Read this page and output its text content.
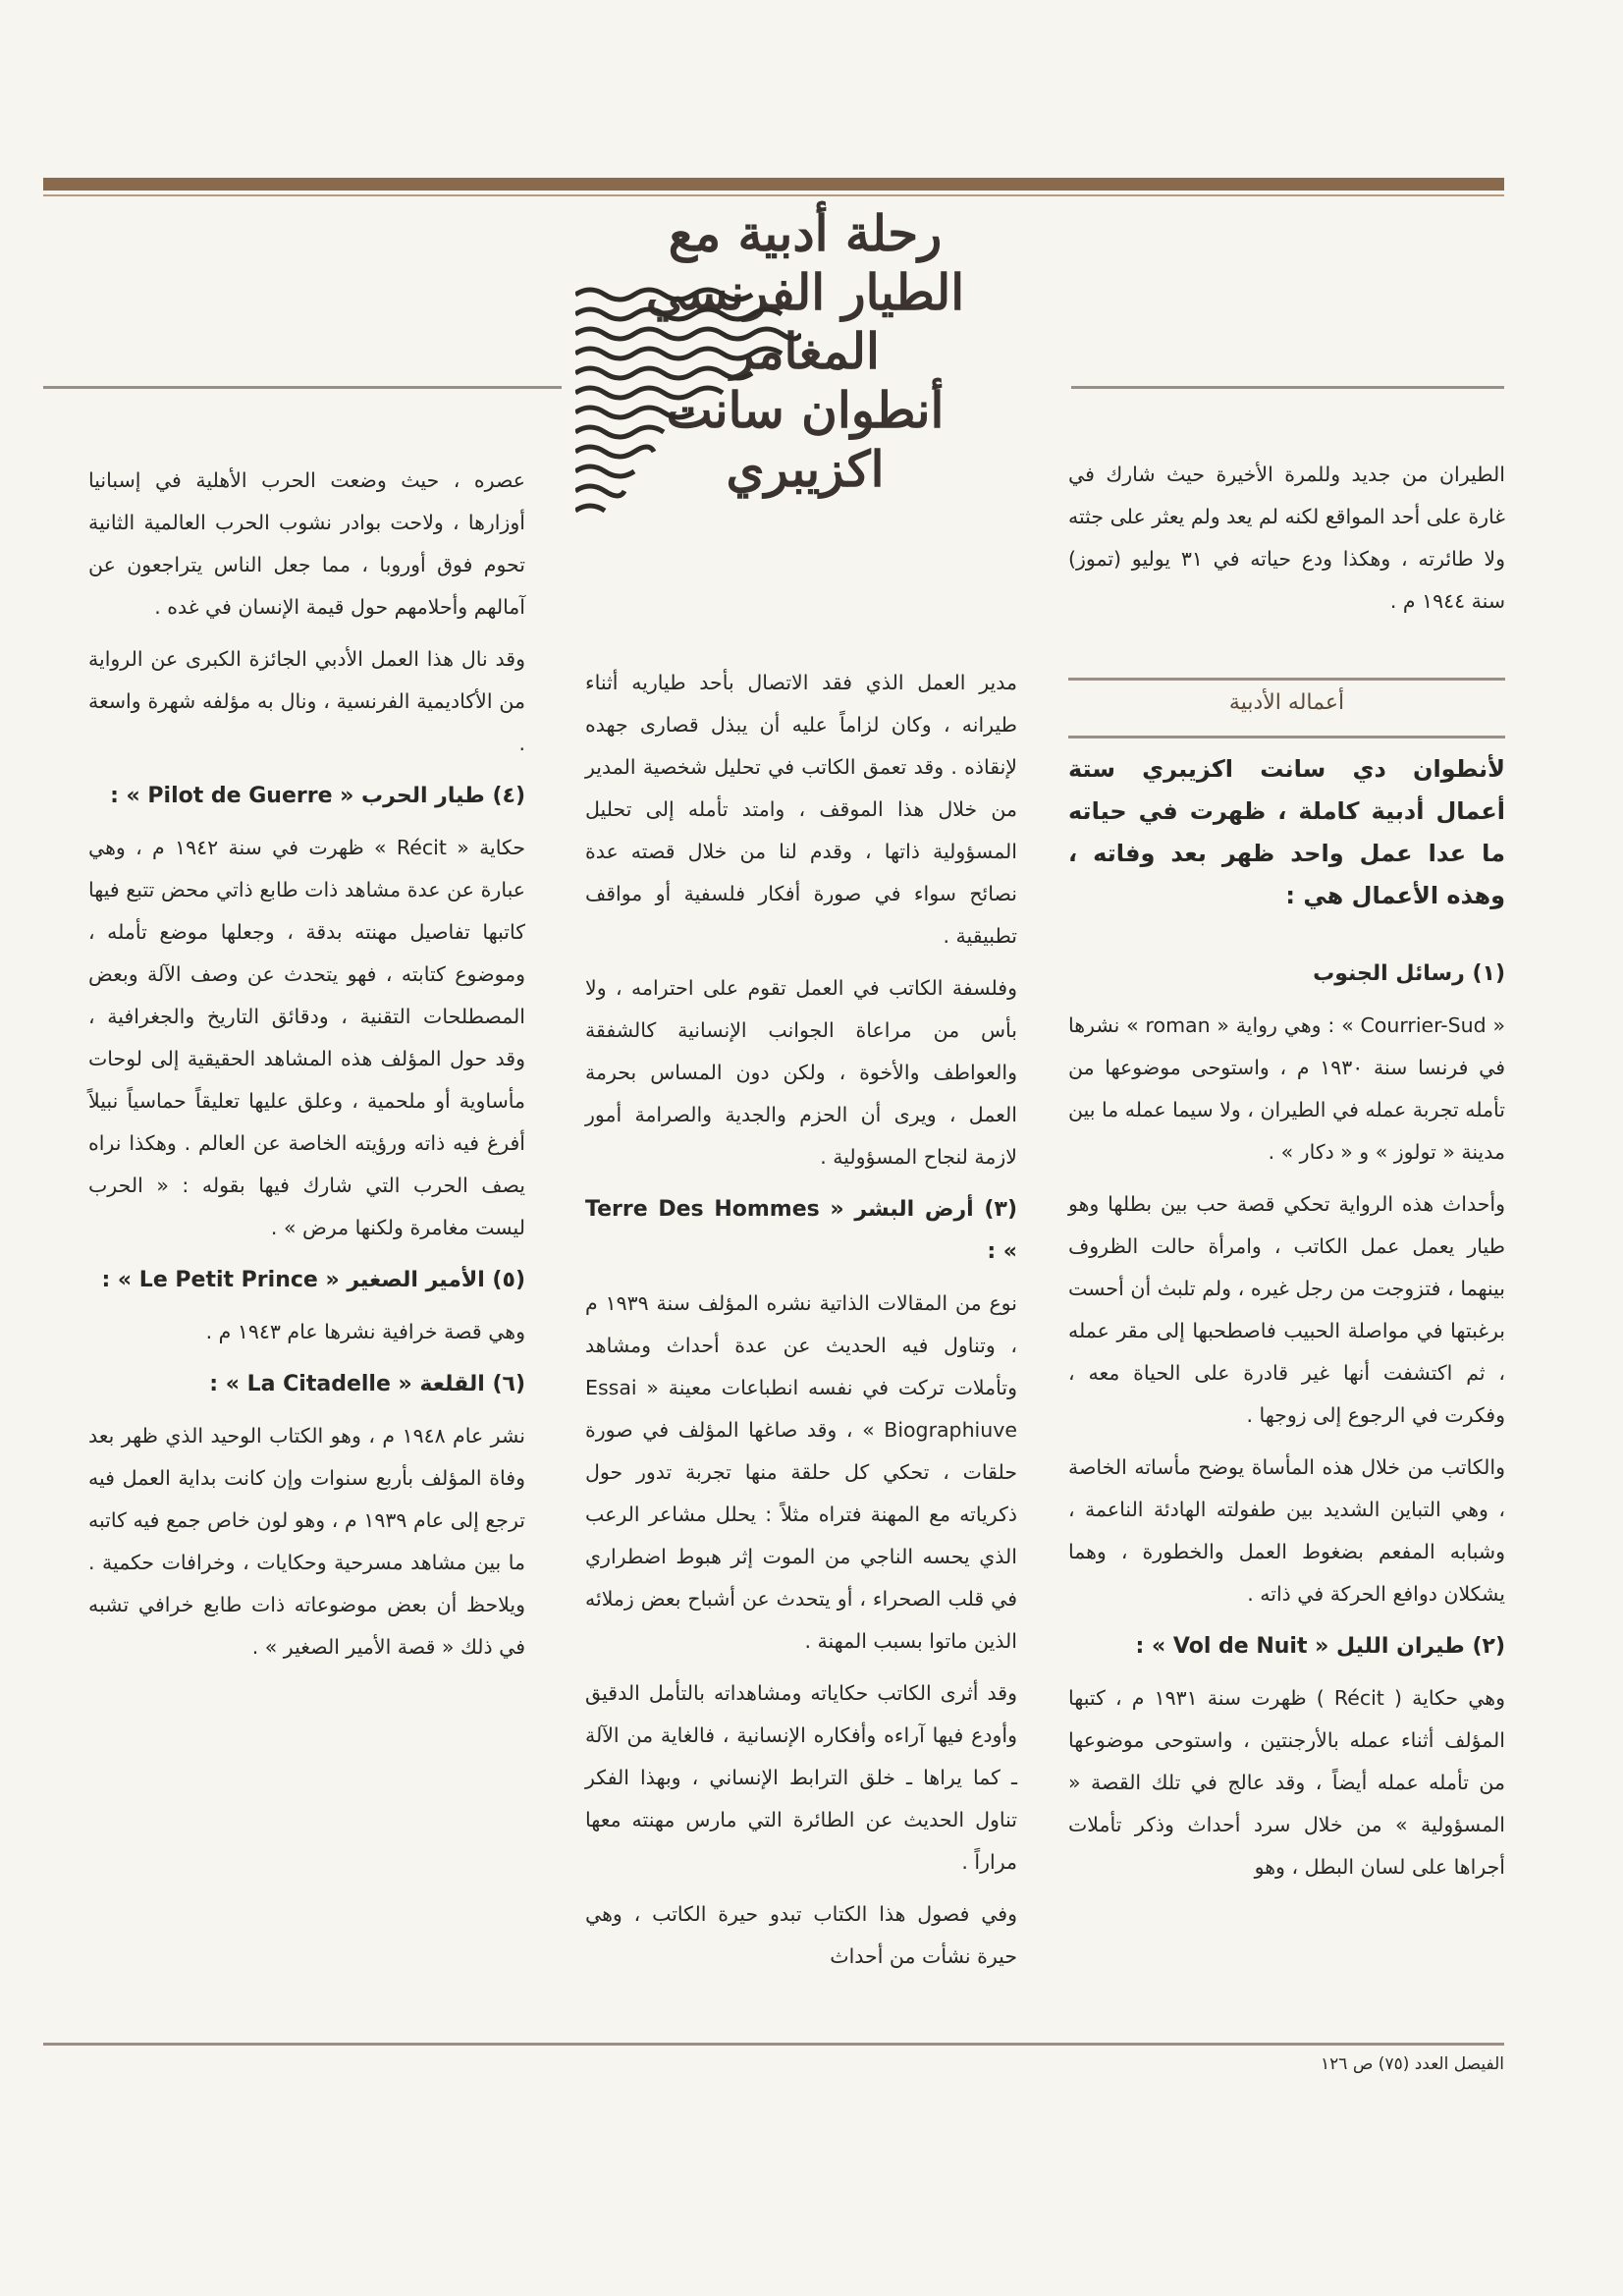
رحلة أدبية مع
الطيار الفرنسي المغامر
أنطوان سانت اكزيبري	الطيران من جديد وللمرة الأخيرة حيث شارك في غارة على أحد المواقع لكنه لم يعد ولم يعثر على جثته ولا طائرته ، وهكذا ودع حياته في ٣١ يوليو (تموز) سنة ١٩٤٤ م .

أعماله الأدبية
لأنطوان دي سانت اكزيبري ستة أعمال أدبية كاملة ، ظهرت في حياته ما عدا عمل واحد ظهر بعد وفاته ، وهذه الأعمال هي :

(١) رسائل الجنوب

« Courrier-Sud » : وهي رواية « roman » نشرها في فرنسا سنة ١٩٣٠ م ، واستوحى موضوعها من تأمله تجربة عمله في الطيران ، ولا سيما عمله ما بين مدينة « تولوز » و « دكار » .

وأحداث هذه الرواية تحكي قصة حب بين بطلها وهو طيار يعمل عمل الكاتب ، وامرأة حالت الظروف بينهما ، فتزوجت من رجل غيره ، ولم تلبث أن أحست برغبتها في مواصلة الحبيب فاصطحبها إلى مقر عمله ، ثم اكتشفت أنها غير قادرة على الحياة معه ، وفكرت في الرجوع إلى زوجها .

والكاتب من خلال هذه المأساة يوضح مأساته الخاصة ، وهي التباين الشديد بين طفولته الهادئة الناعمة ، وشبابه المفعم بضغوط العمل والخطورة ، وهما يشكلان دوافع الحركة في ذاته .

(٢) طيران الليل « Vol de Nuit » :

وهي حكاية ( Récit ) ظهرت سنة ١٩٣١ م ، كتبها المؤلف أثناء عمله بالأرجنتين ، واستوحى موضوعها من تأمله عمله أيضاً ، وقد عالج في تلك القصة « المسؤولية » من خلال سرد أحداث وذكر تأملات أجراها على لسان البطل ، وهو

مدير العمل الذي فقد الاتصال بأحد طياريه أثناء طيرانه ، وكان لزاماً عليه أن يبذل قصارى جهده لإنقاذه . وقد تعمق الكاتب في تحليل شخصية المدير من خلال هذا الموقف ، وامتد تأمله إلى تحليل المسؤولية ذاتها ، وقدم لنا من خلال قصته عدة نصائح سواء في صورة أفكار فلسفية أو مواقف تطبيقية .

وفلسفة الكاتب في العمل تقوم على احترامه ، ولا بأس من مراعاة الجوانب الإنسانية كالشفقة والعواطف والأخوة ، ولكن دون المساس بحرمة العمل ، ويرى أن الحزم والجدية والصرامة أمور لازمة لنجاح المسؤولية .

(٣) أرض البشر « Terre Des Hommes » :

نوع من المقالات الذاتية نشره المؤلف سنة ١٩٣٩ م ، وتناول فيه الحديث عن عدة أحداث ومشاهد وتأملات تركت في نفسه انطباعات معينة « Essai Biographiuve » ، وقد صاغها المؤلف في صورة حلقات ، تحكي كل حلقة منها تجربة تدور حول ذكرياته مع المهنة فتراه مثلاً : يحلل مشاعر الرعب الذي يحسه الناجي من الموت إثر هبوط اضطراري في قلب الصحراء ، أو يتحدث عن أشباح بعض زملائه الذين ماتوا بسبب المهنة .

وقد أثرى الكاتب حكاياته ومشاهداته بالتأمل الدقيق وأودع فيها آراءه وأفكاره الإنسانية ، فالغاية من الآلة ـ كما يراها ـ خلق الترابط الإنساني ، وبهذا الفكر تناول الحديث عن الطائرة التي مارس مهنته معها مراراً .

وفي فصول هذا الكتاب تبدو حيرة الكاتب ، وهي حيرة نشأت من أحداث

عصره ، حيث وضعت الحرب الأهلية في إسبانيا أوزارها ، ولاحت بوادر نشوب الحرب العالمية الثانية تحوم فوق أوروبا ، مما جعل الناس يتراجعون عن آمالهم وأحلامهم حول قيمة الإنسان في غده .

وقد نال هذا العمل الأدبي الجائزة الكبرى عن الرواية من الأكاديمية الفرنسية ، ونال به مؤلفه شهرة واسعة .

(٤) طيار الحرب « Pilot de Guerre » :

حكاية « Récit » ظهرت في سنة ١٩٤٢ م ، وهي عبارة عن عدة مشاهد ذات طابع ذاتي محض تتبع فيها كاتبها تفاصيل مهنته بدقة ، وجعلها موضع تأمله ، وموضوع كتابته ، فهو يتحدث عن وصف الآلة وبعض المصطلحات التقنية ، ودقائق التاريخ والجغرافية ، وقد حول المؤلف هذه المشاهد الحقيقية إلى لوحات مأساوية أو ملحمية ، وعلق عليها تعليقاً حماسياً نبيلاً أفرغ فيه ذاته ورؤيته الخاصة عن العالم . وهكذا نراه يصف الحرب التي شارك فيها بقوله : « الحرب ليست مغامرة ولكنها مرض » .

(٥) الأمير الصغير « Le Petit Prince » :

وهي قصة خرافية نشرها عام ١٩٤٣ م .

(٦) القلعة « La Citadelle » :

نشر عام ١٩٤٨ م ، وهو الكتاب الوحيد الذي ظهر بعد وفاة المؤلف بأربع سنوات وإن كانت بداية العمل فيه ترجع إلى عام ١٩٣٩ م ، وهو لون خاص جمع فيه كاتبه ما بين مشاهد مسرحية وحكايات ، وخرافات حكمية . ويلاحظ أن بعض موضوعاته ذات طابع خرافي تشبه في ذلك « قصة الأمير الصغير » .

الفيصل العدد (٧٥) ص ١٢٦
